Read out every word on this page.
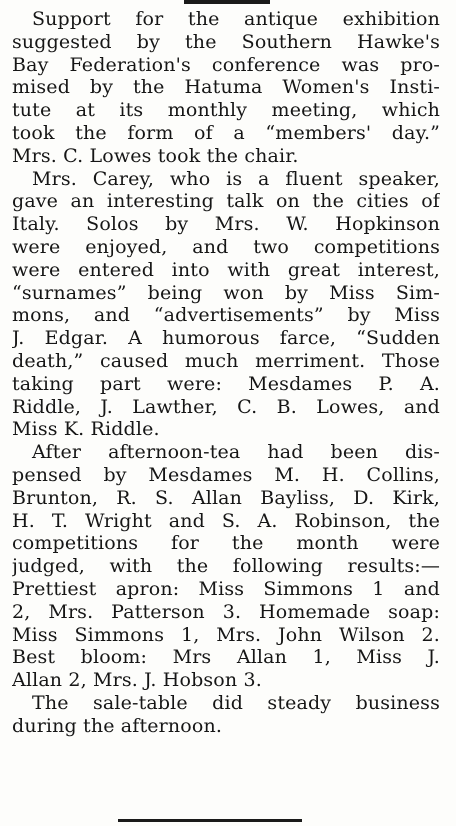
Support for the antique exhibition
suggested by the Southern Hawke's
Bay Federation's conference was pro-
mised by the Hatuma Women's Insti-
tute at its monthly meeting, which
took the form of a “members' day.”
Mrs. C. Lowes took the chair.

Mrs. Carey, who is a fluent speaker,
gave an interesting talk on the cities of
Italy. Solos by Mrs. W. Hopkinson
were enjoyed, and two competitions
were entered into with great interest,
“surnames” being won by Miss Sim-
mons, and “advertisements” by Miss
J. Edgar. A humorous farce, “Sudden
death,” caused much merriment. Those
taking part were: Mesdames P. A.
Riddle, J. Lawther, C. B. Lowes, and
Miss K. Riddle.

After afternoon-tea had been dis-
pensed by Mesdames M. H. Collins,
Brunton, R. S. Allan Bayliss, D. Kirk,
H. T. Wright and S. A. Robinson, the
competitions for the month were
judged, with the following results:—
Prettiest apron: Miss Simmons 1 and
2, Mrs. Patterson 3. Homemade soap:
Miss Simmons 1, Mrs. John Wilson 2.
Best bloom: Mrs Allan 1, Miss J.
Allan 2, Mrs. J. Hobson 3.

The sale-table did steady business
during the afternoon.
